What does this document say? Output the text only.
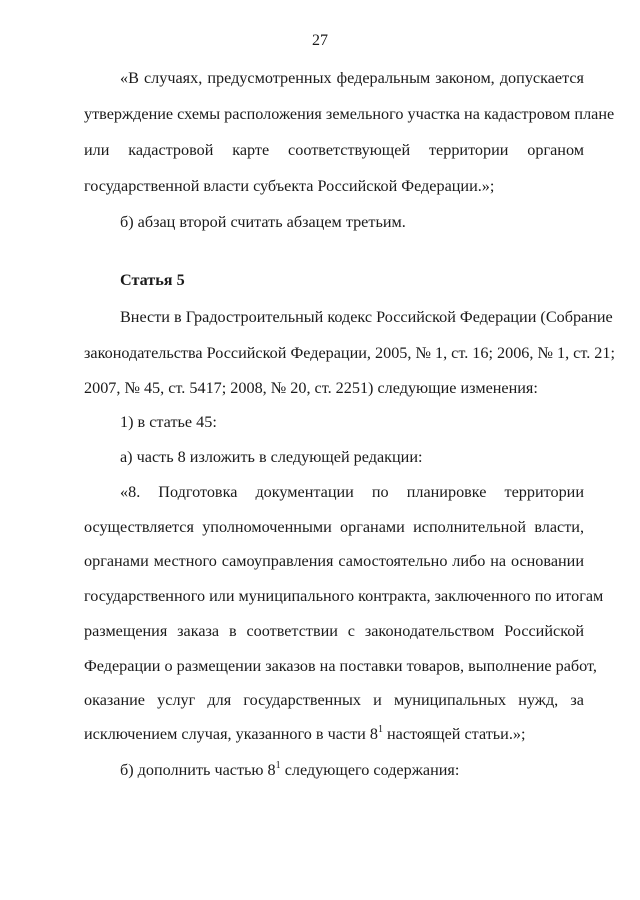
27
«В случаях, предусмотренных федеральным законом, допускается
утверждение схемы расположения земельного участка на кадастровом плане
или кадастровой карте соответствующей территории органом
государственной власти субъекта Российской Федерации.»;
б) абзац второй считать абзацем третьим.
Статья 5
Внести в Градостроительный кодекс Российской Федерации (Собрание
законодательства Российской Федерации, 2005, № 1, ст. 16; 2006, № 1, ст. 21;
2007, № 45, ст. 5417; 2008, № 20, ст. 2251) следующие изменения:
1) в статье 45:
а) часть 8 изложить в следующей редакции:
«8. Подготовка документации по планировке территории
осуществляется уполномоченными органами исполнительной власти,
органами местного самоуправления самостоятельно либо на основании
государственного или муниципального контракта, заключенного по итогам
размещения заказа в соответствии с законодательством Российской
Федерации о размещении заказов на поставки товаров, выполнение работ,
оказание услуг для государственных и муниципальных нужд, за
исключением случая, указанного в части $8^1$ настоящей статьи.»;
б) дополнить частью $8^1$ следующего содержания:
